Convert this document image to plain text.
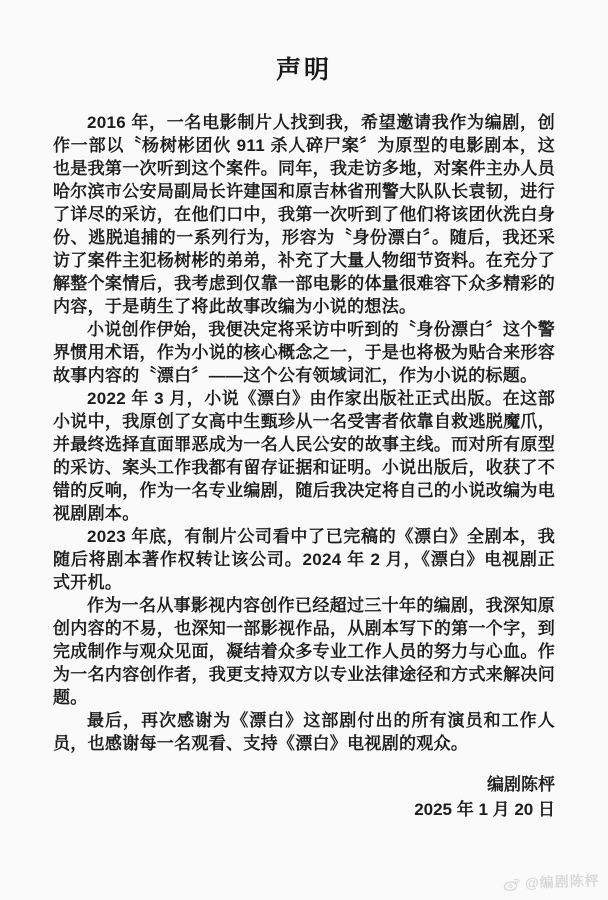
声明

2016 年，一名电影制片人找到我，希望邀请我作为编剧，创作一部以〝杨树彬团伙 911 杀人碎尸案〞为原型的电影剧本，这也是我第一次听到这个案件。同年，我走访多地，对案件主办人员哈尔滨市公安局副局长许建国和原吉林省刑警大队队长袁韧，进行了详尽的采访，在他们口中，我第一次听到了他们将该团伙洗白身份、逃脱追捕的一系列行为，形容为〝身份漂白〞。随后，我还采访了案件主犯杨树彬的弟弟，补充了大量人物细节资料。在充分了解整个案情后，我考虑到仅靠一部电影的体量很难容下众多精彩的内容，于是萌生了将此故事改编为小说的想法。

小说创作伊始，我便决定将采访中听到的〝身份漂白〞这个警界惯用术语，作为小说的核心概念之一，于是也将极为贴合来形容故事内容的〝漂白〞——这个公有领域词汇，作为小说的标题。

2022 年 3 月，小说《漂白》由作家出版社正式出版。在这部小说中，我原创了女高中生甄珍从一名受害者依靠自救逃脱魔爪，并最终选择直面罪恶成为一名人民公安的故事主线。而对所有原型的采访、案头工作我都有留存证据和证明。小说出版后，收获了不错的反响，作为一名专业编剧，随后我决定将自己的小说改编为电视剧剧本。

2023 年底，有制片公司看中了已完稿的《漂白》全剧本，我随后将剧本著作权转让该公司。2024 年 2 月，《漂白》电视剧正式开机。

作为一名从事影视内容创作已经超过三十年的编剧，我深知原创内容的不易，也深知一部影视作品，从剧本写下的第一个字，到完成制作与观众见面，凝结着众多专业工作人员的努力与心血。作为一名内容创作者，我更支持双方以专业法律途径和方式来解决问题。

最后，再次感谢为《漂白》这部剧付出的所有演员和工作人员，也感谢每一名观看、支持《漂白》电视剧的观众。

编剧陈枰
2025 年 1 月 20 日
@编剧陈枰
